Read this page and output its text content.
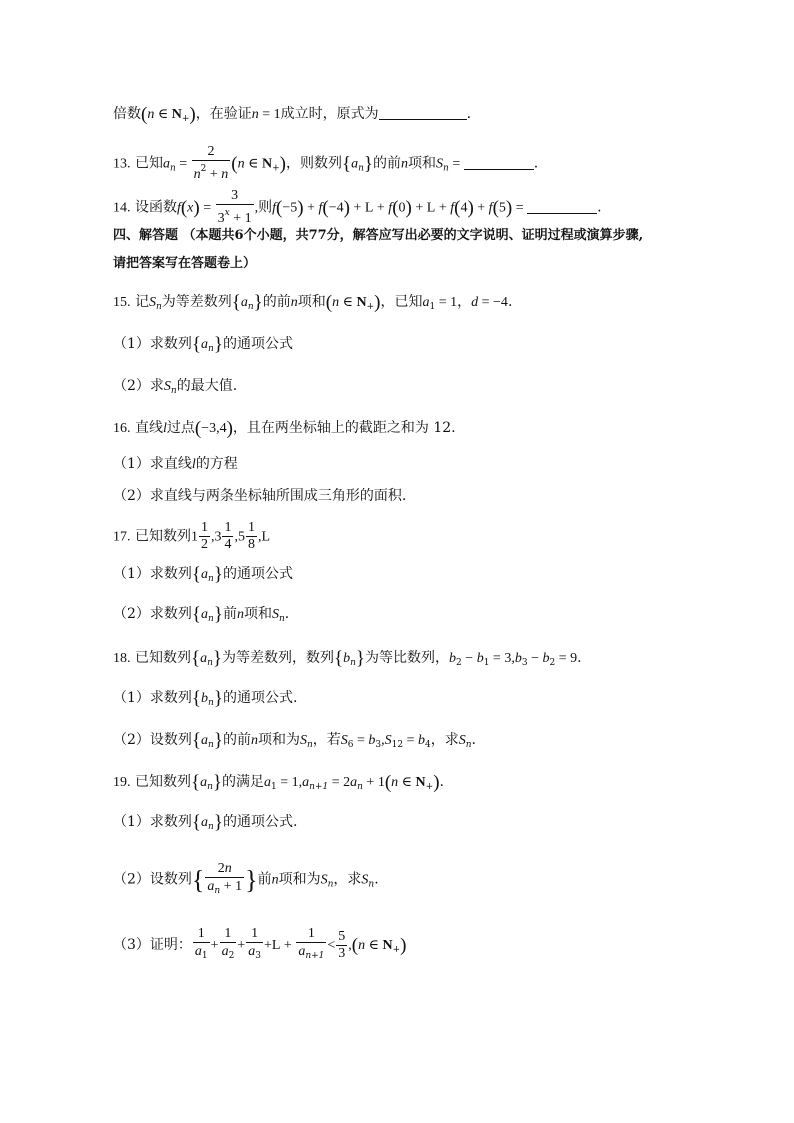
倍数(n ∈ $N_+$)，在验证n = 1成立时，原式为	.
13. 已知$a_n = \frac{2}{n^2 + n} (n$ ∈ $N_+$)，则数列$\{a_n\}$的前n项和$S_n$ =	.
14. 设函数$f(x) = \frac{3}{3^x + 1}$ ,则f(−5) + f(−4) + L + f(0) + L + f(4) + f(5) =	.
四、解答题 （本题共6个小题，共77分，解答应写出必要的文字说明、证明过程或演算步骤,
请把答案写在答题卷上）
15. 记$S_n$为等差数列$\{a_n\}$的前n项和(n ∈ $N_+$)，已知$a_1 = 1$，d = −4.
（1）求数列$\{a_n\}$的通项公式
（2）求$S_n$的最大值.
16. 直线l过点(−3,4)，且在两坐标轴上的截距之和为 12.
（1）求直线l的方程
（2）求直线与两条坐标轴所围成三角形的面积.
17. 已知数列$1 \frac{1}{2} ,3 \frac{1}{4} ,5 \frac{1}{8} ,L$
（1）求数列$\{a_n\}$的通项公式
（2）求数列$\{a_n\}$前n项和$S_n$.
18. 已知数列$\{a_n\}$为等差数列，数列$\{b_n\}$为等比数列，$b_2 - b_1 = 3,b_3 - b_2 = 9$.
（1）求数列$\{b_n\}$的通项公式.
（2）设数列$\{a_n\}$的前n项和为$S_n$，若$S_6 = b_3,S_{12} = b_4$，求$S_n$.
19. 已知数列$\{a_n\}$的满足$a_1 = 1,a_{n+1} = 2a_n + 1(n$ ∈ $N_+$).
（1）求数列$\{a_n\}$的通项公式.
（2）设数列{ $\frac{2n}{a_n + 1}$ }前n项和为$S_n$，求$S_n$.
（3）证明： $\frac{1}{a_1} + \frac{1}{a_2} + \frac{1}{a_3} +L + \frac{1}{a_{n+1}} < \frac{5}{3} ,(n$ ∈ $N_+$)
